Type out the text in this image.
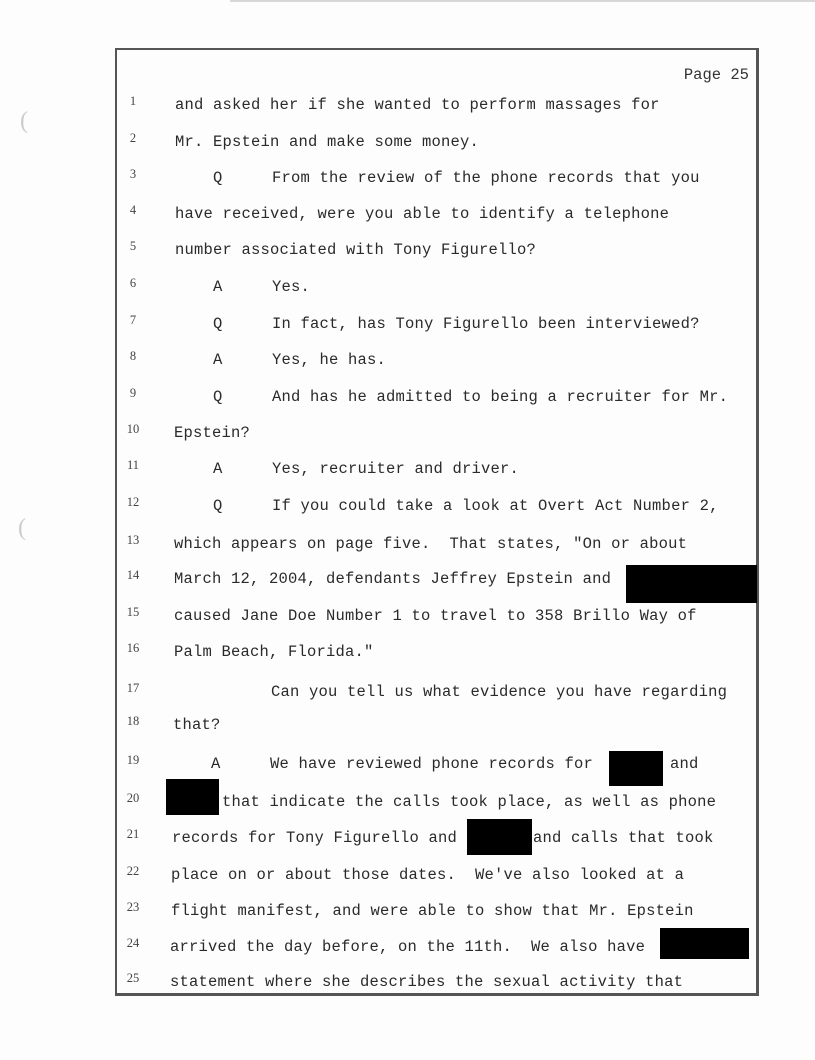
(
(
Page 25
1	and asked her if she wanted to perform massages for
2	Mr. Epstein and make some money.
3	Q	From the review of the phone records that you
4	have received, were you able to identify a telephone
5	number associated with Tony Figurello?
6	A	Yes.
7	Q	In fact, has Tony Figurello been interviewed?
8	A	Yes, he has.
9	Q	And has he admitted to being a recruiter for Mr.
10	Epstein?
11	A	Yes, recruiter and driver.
12	Q	If you could take a look at Overt Act Number 2,
13	which appears on page five.  That states, "On or about
14	March 12, 2004, defendants Jeffrey Epstein and
15	caused Jane Doe Number 1 to travel to 358 Brillo Way of
16	Palm Beach, Florida."
17	Can you tell us what evidence you have regarding
18	that?
19	A	We have reviewed phone records for	and
20	that indicate the calls took place, as well as phone
21	records for Tony Figurello and	and calls that took
22	place on or about those dates.  We've also looked at a
23	flight manifest, and were able to show that Mr. Epstein
24	arrived the day before, on the 11th.  We also have
25	statement where she describes the sexual activity that
